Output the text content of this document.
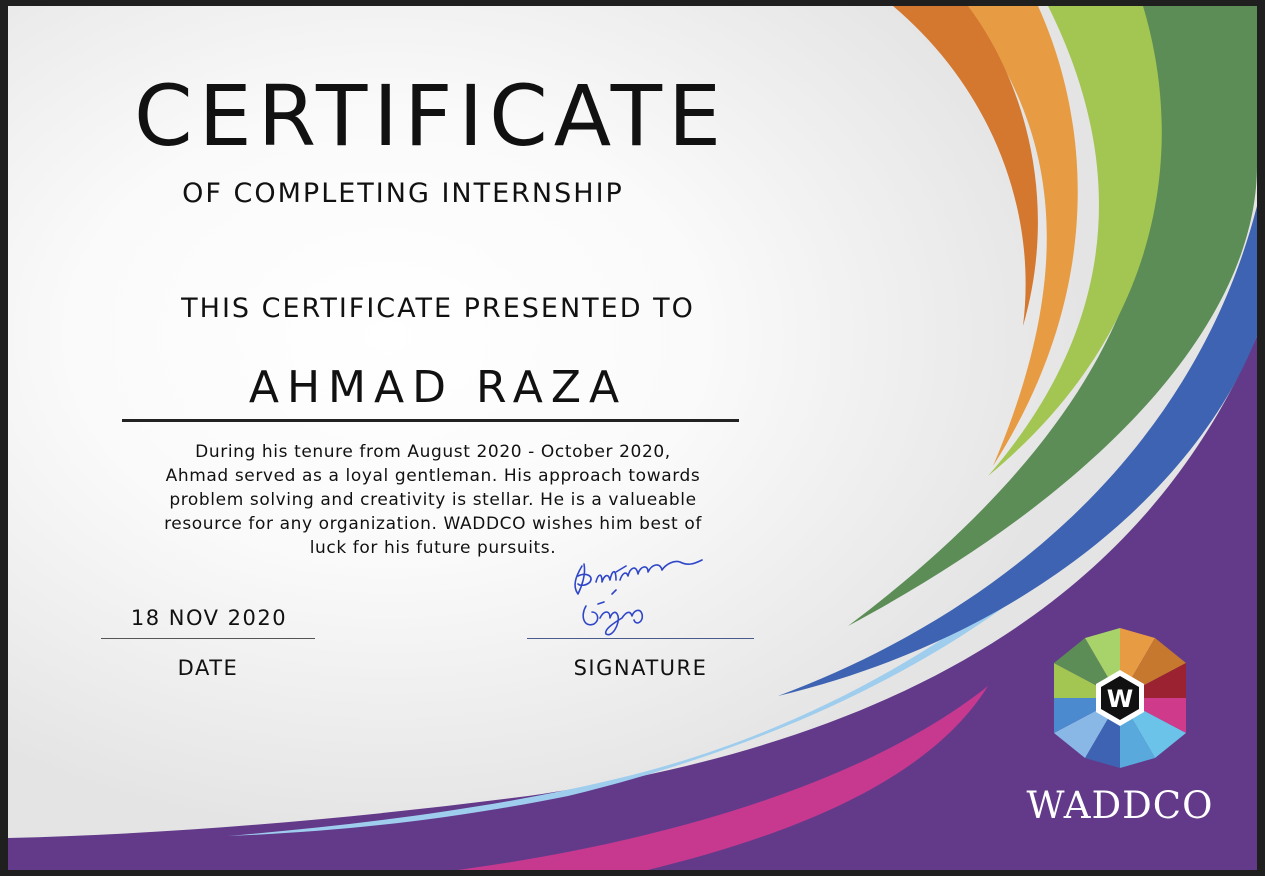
CERTIFICATE
OF COMPLETING INTERNSHIP
THIS CERTIFICATE PRESENTED TO
AHMAD RAZA
During his tenure from August 2020 - October 2020,
Ahmad served as a loyal gentleman. His approach towards
problem solving and creativity is stellar. He is a valueable
resource for any organization. WADDCO wishes him best of
luck for his future pursuits.
18 NOV 2020
DATE	SIGNATURE
W
WADDCO
